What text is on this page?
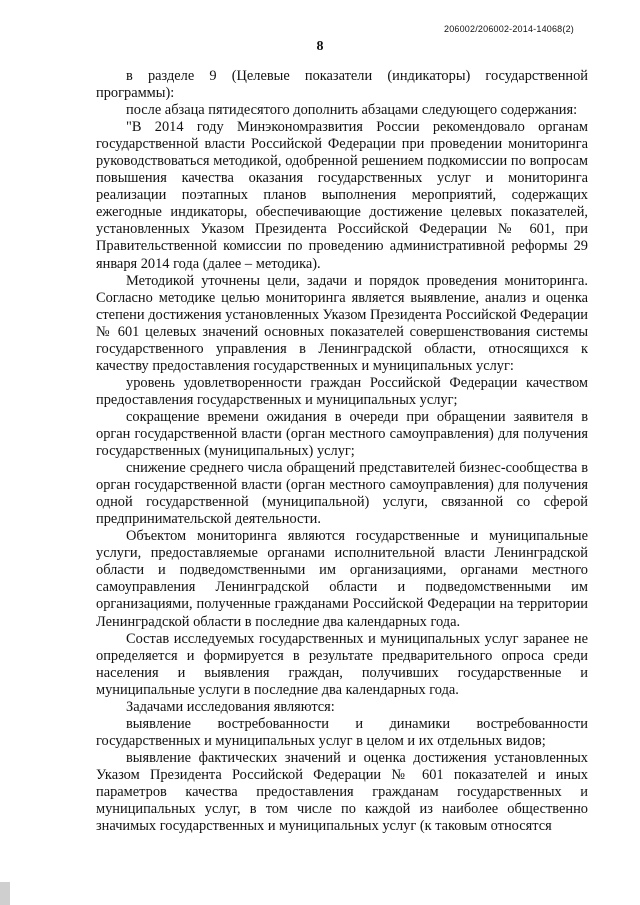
206002/206002-2014-14068(2)
8

в разделе 9 (Целевые показатели (индикаторы) государственной программы):

после абзаца пятидесятого дополнить абзацами следующего содержания:

"В 2014 году Минэкономразвития России рекомендовало органам государственной власти Российской Федерации при проведении мониторинга руководствоваться методикой, одобренной решением подкомиссии по вопросам повышения качества оказания государственных услуг и мониторинга реализации поэтапных планов выполнения мероприятий, содержащих ежегодные индикаторы, обеспечивающие достижение целевых показателей, установленных Указом Президента Российской Федерации № 601, при Правительственной комиссии по проведению административной реформы 29 января 2014 года (далее – методика).

Методикой уточнены цели, задачи и порядок проведения мониторинга. Согласно методике целью мониторинга является выявление, анализ и оценка степени достижения установленных Указом Президента Российской Федерации № 601 целевых значений основных показателей совершенствования системы государственного управления в Ленинградской области, относящихся к качеству предоставления государственных и муниципальных услуг:

уровень удовлетворенности граждан Российской Федерации качеством предоставления государственных и муниципальных услуг;

сокращение времени ожидания в очереди при обращении заявителя в орган государственной власти (орган местного самоуправления) для получения государственных (муниципальных) услуг;

снижение среднего числа обращений представителей бизнес-сообщества в орган государственной власти (орган местного самоуправления) для получения одной государственной (муниципальной) услуги, связанной со сферой предпринимательской деятельности.

Объектом мониторинга являются государственные и муниципальные услуги, предоставляемые органами исполнительной власти Ленинградской области и подведомственными им организациями, органами местного самоуправления Ленинградской области и подведомственными им организациями, полученные гражданами Российской Федерации на территории Ленинградской области в последние два календарных года.

Состав исследуемых государственных и муниципальных услуг заранее не определяется и формируется в результате предварительного опроса среди населения и выявления граждан, получивших государственные и муниципальные услуги в последние два календарных года.

Задачами исследования являются:

выявление востребованности и динамики востребованности государственных и муниципальных услуг в целом и их отдельных видов;

выявление фактических значений и оценка достижения установленных Указом Президента Российской Федерации № 601 показателей и иных параметров качества предоставления гражданам государственных и муниципальных услуг, в том числе по каждой из наиболее общественно значимых государственных и муниципальных услуг (к таковым относятся
